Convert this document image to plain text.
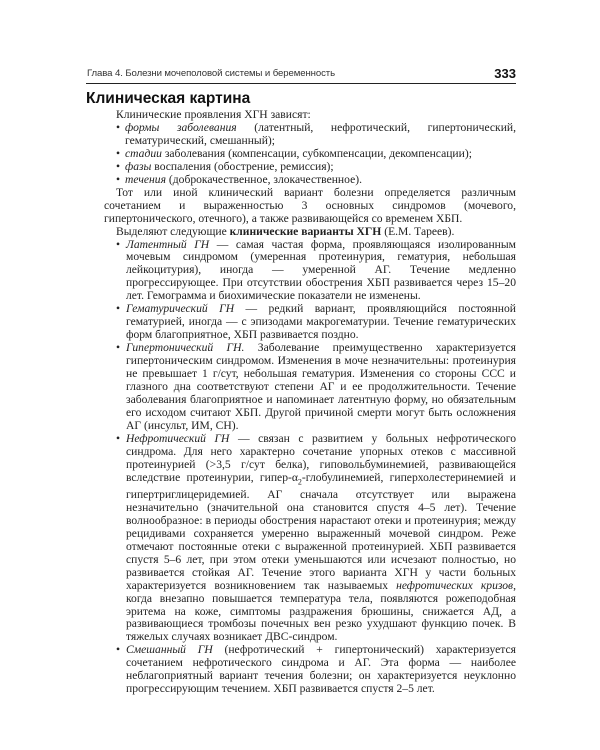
Глава 4. Болезни мочеполовой системы и беременность	333
Клиническая картина

Клинические проявления ХГН зависят:

• формы заболевания (латентный, нефротический, гипертонический, гематурический, смешанный);
• стадии заболевания (компенсации, субкомпенсации, декомпенсации);
• фазы воспаления (обострение, ремиссия);
• течения (доброкачественное, злокачественное).

Тот или иной клинический вариант болезни определяется различным сочетанием и выраженностью 3 основных синдромов (мочевого, гипертонического, отечного), а также развивающейся со временем ХБП.

Выделяют следующие клинические варианты ХГН (Е.М. Тареев).

• Латентный ГН — самая частая форма, проявляющаяся изолированным мочевым синдромом (умеренная протеинурия, гематурия, небольшая лейкоцитурия), иногда — умеренной АГ. Течение медленно прогрессирующее. При отсутствии обострения ХБП развивается через 15–20 лет. Гемограмма и биохимические показатели не изменены.
• Гематурический ГН — редкий вариант, проявляющийся постоянной гематурией, иногда — с эпизодами макрогематурии. Течение гематурических форм благоприятное, ХБП развивается поздно.
• Гипертонический ГН. Заболевание преимущественно характеризуется гипертоническим синдромом. Изменения в моче незначительны: протеинурия не превышает 1 г/сут, небольшая гематурия. Изменения со стороны ССС и глазного дна соответствуют степени АГ и ее продолжительности. Течение заболевания благоприятное и напоминает латентную форму, но обязательным его исходом считают ХБП. Другой причиной смерти могут быть осложнения АГ (инсульт, ИМ, СН).
• Нефротический ГН — связан с развитием у больных нефротического синдрома. Для него характерно сочетание упорных отеков с массивной протеинурией (>3,5 г/сут белка), гиповольбуминемией, развивающейся вследствие протеинурии, гипер-$\alpha_2$-глобулинемией, гиперхолестеринемией и гипертриглицеридемией. АГ сначала отсутствует или выражена незначительно (значительной она становится спустя 4–5 лет). Течение волнообразное: в периоды обострения нарастают отеки и протеинурия; между рецидивами сохраняется умеренно выраженный мочевой синдром. Реже отмечают постоянные отеки с выраженной протеинурией. ХБП развивается спустя 5–6 лет, при этом отеки уменьшаются или исчезают полностью, но развивается стойкая АГ. Течение этого варианта ХГН у части больных характеризуется возникновением так называемых нефротических кризов, когда внезапно повышается температура тела, появляются рожеподобная эритема на коже, симптомы раздражения брюшины, снижается АД, а развивающиеся тромбозы почечных вен резко ухудшают функцию почек. В тяжелых случаях возникает ДВС-синдром.
• Смешанный ГН (нефротический + гипертонический) характеризуется сочетанием нефротического синдрома и АГ. Эта форма — наиболее неблагоприятный вариант течения болезни; он характеризуется неуклонно прогрессирующим течением. ХБП развивается спустя 2–5 лет.
